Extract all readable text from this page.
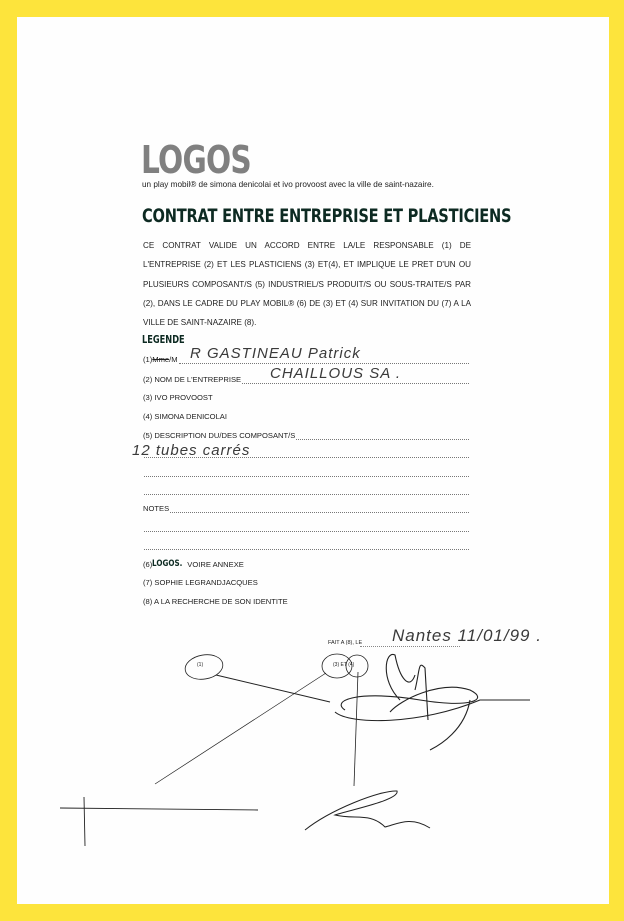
LOGOS
un play mobil® de simona denicolai et ivo provoost avec la ville de saint-nazaire.
CONTRAT ENTRE ENTREPRISE ET PLASTICIENS
CE CONTRAT VALIDE UN ACCORD ENTRE LA/LE RESPONSABLE (1) DE L'ENTREPRISE (2) ET LES PLASTICIENS (3) ET(4), ET IMPLIQUE LE PRET D'UN OU PLUSIEURS COMPOSANT/S (5) INDUSTRIEL/S PRODUIT/S OU SOUS-TRAITE/S PAR (2), DANS LE CADRE DU PLAY MOBIL® (6) DE (3) ET (4) SUR INVITATION DU (7) A LA VILLE DE SAINT-NAZAIRE (8).
LEGENDE
(1) Mme /M R GASTINEAU Patrick
(2) NOM DE L'ENTREPRISE CHAILLOUS SA .
(3) IVO PROVOOST
(4) SIMONA DENICOLAI
(5) DESCRIPTION DU/DES COMPOSANT/S
12 tubes carrés
NOTES
(6) LOGOS. VOIRE ANNEXE
(7) SOPHIE LEGRANDJACQUES
(8) A LA RECHERCHE DE SON IDENTITE
FAIT A (8), LE Nantes 11/01/99 .
(1)	(3) ET (4)
